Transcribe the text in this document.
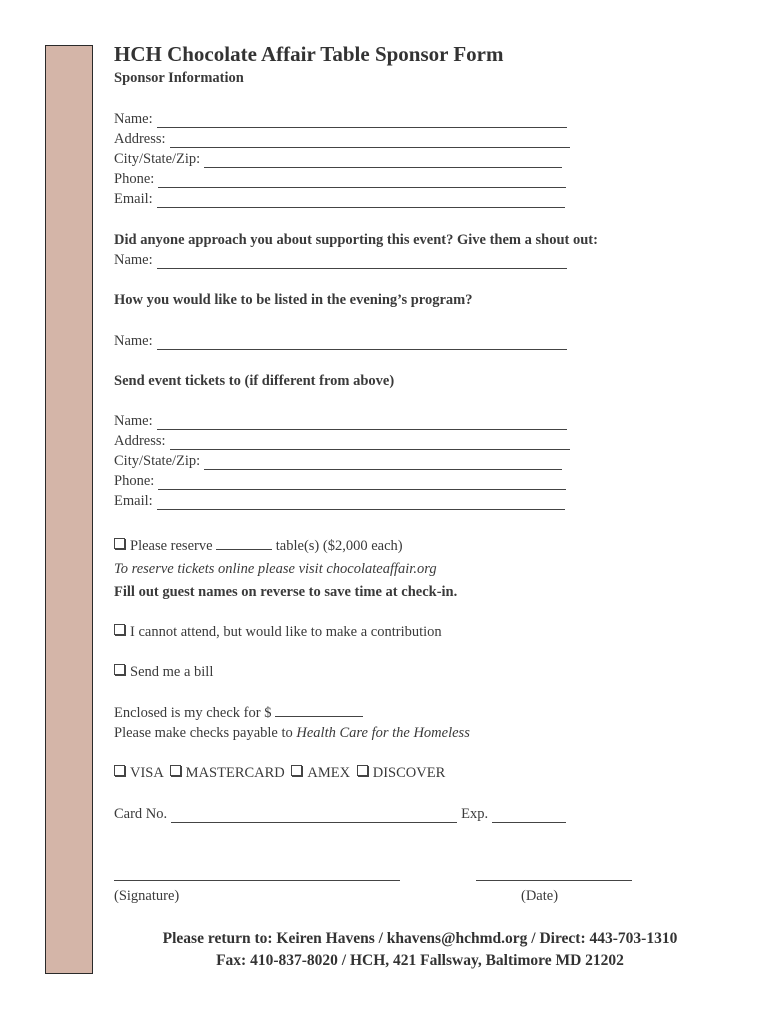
HCH Chocolate Affair Table Sponsor Form
Sponsor Information
Name:
Address:
City/State/Zip:
Phone:
Email:
Did anyone approach you about supporting this event? Give them a shout out:
Name:
How you would like to be listed in the evening’s program?
Name:
Send event tickets to (if different from above)
Name:
Address:
City/State/Zip:
Phone:
Email:
Please reserve	table(s) ($2,000 each)
To reserve tickets online please visit chocolateaffair.org
Fill out guest names on reverse to save time at check-in.
I cannot attend, but would like to make a contribution
Send me a bill
Enclosed is my check for $
Please make checks payable to Health Care for the Homeless
VISA MASTERCARD AMEX DISCOVER
Card No.	Exp.
(Signature)	(Date)
Please return to: Keiren Havens / khavens@hchmd.org / Direct: 443-703-1310
Fax: 410-837-8020 / HCH, 421 Fallsway, Baltimore MD 21202
